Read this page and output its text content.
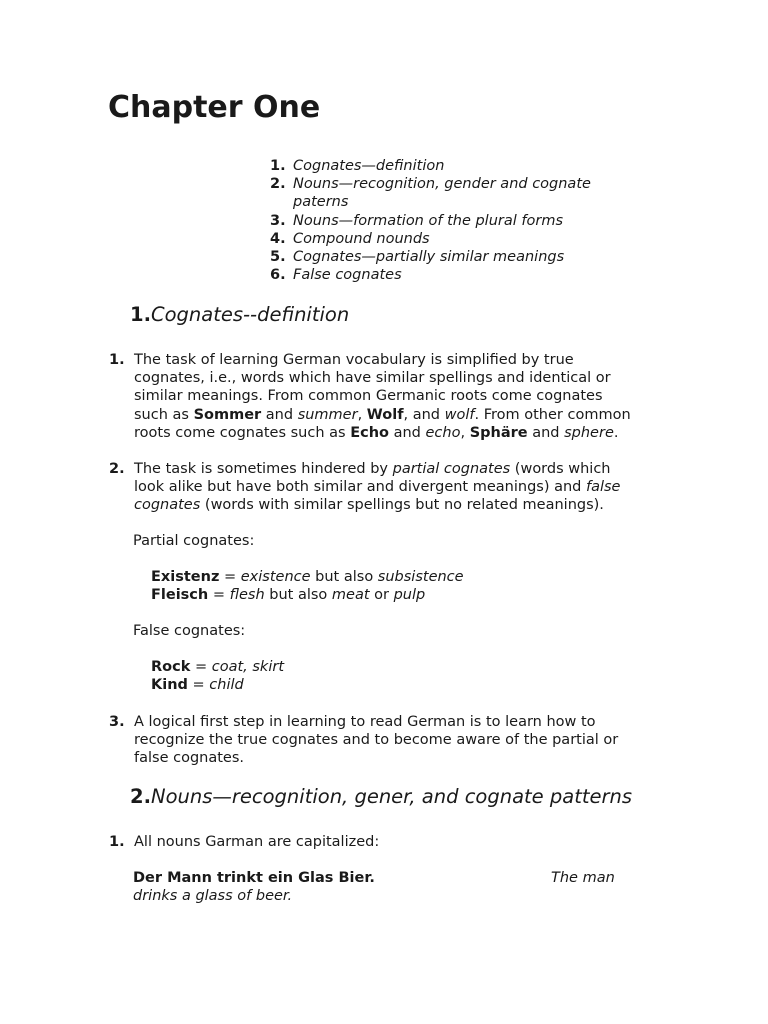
Chapter One
1. Cognates—definition
2. Nouns—recognition, gender and cognate
paterns
3. Nouns—formation of the plural forms
4. Compound nounds
5. Cognates—partially similar meanings
6. False cognates
1.Cognates--definition
1. The task of learning German vocabulary is simplified by true
cognates, i.e., words which have similar spellings and identical or
similar meanings. From common Germanic roots come cognates
such as Sommer and summer, Wolf, and wolf. From other common
roots come cognates such as Echo and echo, Sphäre and sphere.
2. The task is sometimes hindered by partial cognates (words which
look alike but have both similar and divergent meanings) and false
cognates (words with similar spellings but no related meanings).
Partial cognates:
Existenz = existence but also subsistence
Fleisch = flesh but also meat or pulp
False cognates:
Rock = coat, skirt
Kind = child
3. A logical first step in learning to read German is to learn how to
recognize the true cognates and to become aware of the partial or
false cognates.
2.Nouns—recognition, gener, and cognate patterns
1. All nouns Garman are capitalized:
Der Mann trinkt ein Glas Bier.	The man
drinks a glass of beer.
